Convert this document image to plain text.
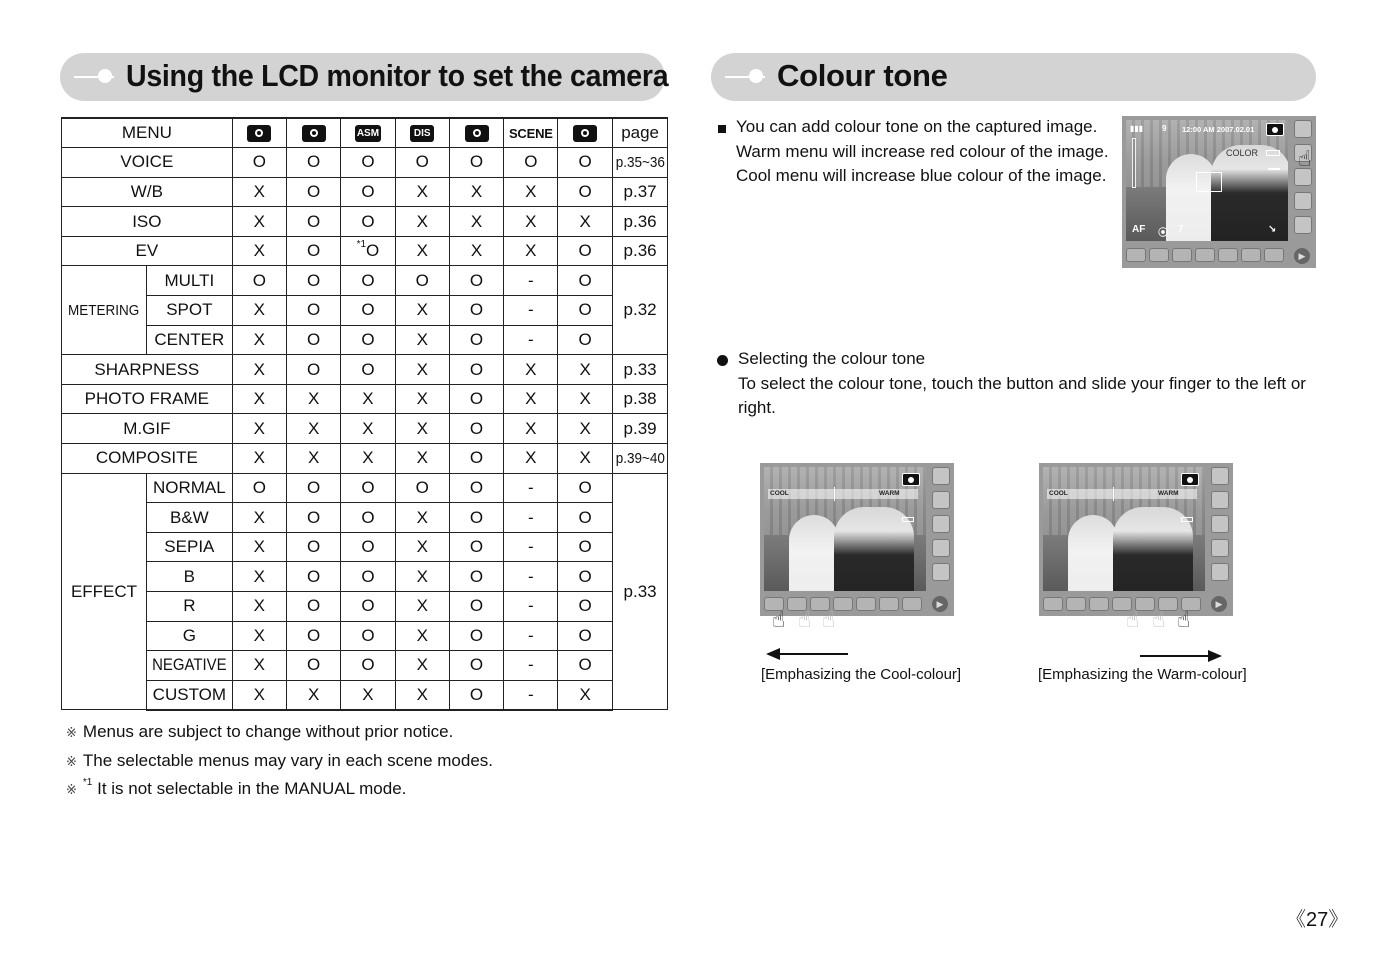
Using the LCD monitor to set the camera	Colour tone
MENU				ASM	DIS		SCENE		page
VOICE		O	O	O	O	O	O	O	p.35~36
W/B		X	O	O	X	X	X	O	p.37
ISO		X	O	O	X	X	X	X	p.36
EV		X	O	$^{*1}$O	X	X	X	O	p.36
METERING	MULTI	O	O	O	O	O	-	O	p.32
	SPOT	X	O	O	X	O	-	O	
	CENTER	X	O	O	X	O	-	O	
SHARPNESS		X	O	O	X	O	X	X	p.33
PHOTO FRAME		X	X	X	X	O	X	X	p.38
M.GIF		X	X	X	X	O	X	X	p.39
COMPOSITE		X	X	X	X	O	X	X	p.39~40
EFFECT	NORMAL	O	O	O	O	O	-	O	p.33
	B&W	X	O	O	X	O	-	O	
	SEPIA	X	O	O	X	O	-	O	
	B	X	O	O	X	O	-	O	
	R	X	O	O	X	O	-	O	
	G	X	O	O	X	O	-	O	
	NEGATIVE	X	O	O	X	O	-	O	
	CUSTOM	X	X	X	X	O	-	X	
※ Menus are subject to change without prior notice.
※ The selectable menus may vary in each scene modes.
※ $^{*1}$ It is not selectable in the MANUAL mode.
You can add colour tone on the captured image.
Warm menu will increase red colour of the image.
Cool menu will increase blue colour of the image.
▮▮▮ 9 12:00 AM 2007.02.01
COLOR
AF ⦿ 7	↘
☝
▶
Selecting the colour tone
To select the colour tone, touch the button and slide your finger to the left or
right.
COOL	WARM
▶
☝ ☝ ☝
[Emphasizing the Cool-colour]
COOL	WARM
▶
☝ ☝ ☝
[Emphasizing the Warm-colour]
《27》
